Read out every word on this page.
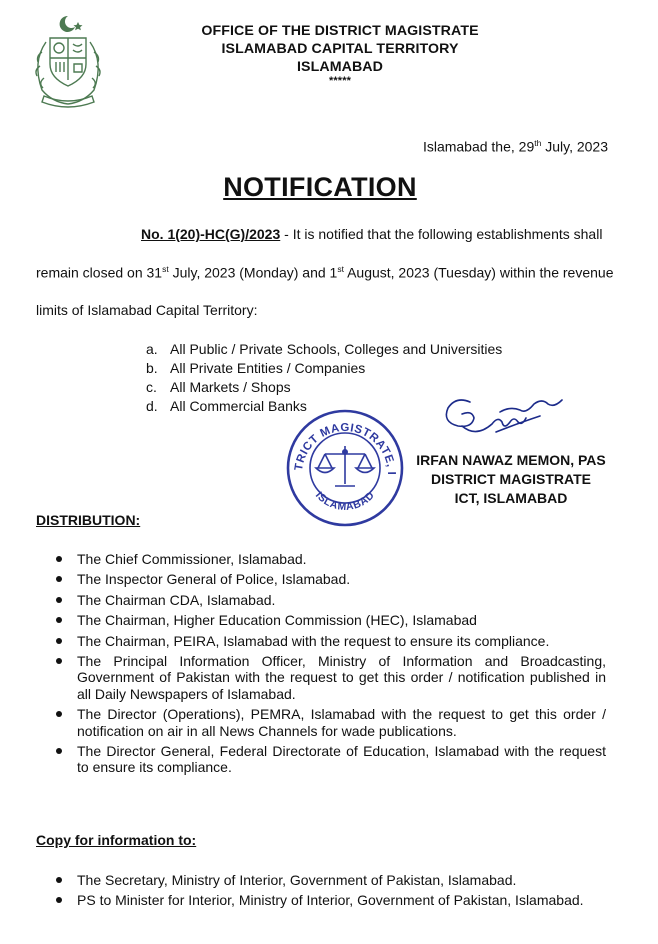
OFFICE OF THE DISTRICT MAGISTRATE
ISLAMABAD CAPITAL TERRITORY
ISLAMABAD
*****
Islamabad the, 29th July, 2023
NOTIFICATION
No. 1(20)-HC(G)/2023 - It is notified that the following establishments shall
remain closed on 31st July, 2023 (Monday) and 1st August, 2023 (Tuesday) within the revenue
limits of Islamabad Capital Territory:
a. All Public / Private Schools, Colleges and Universities
b. All Private Entities / Companies
c. All Markets / Shops
d. All Commercial Banks
TRICT MAGISTRATE, I
ISLAMABAD
IRFAN NAWAZ MEMON, PAS
DISTRICT MAGISTRATE
ICT, ISLAMABAD
DISTRIBUTION:
The Chief Commissioner, Islamabad.
The Inspector General of Police, Islamabad.
The Chairman CDA, Islamabad.
The Chairman, Higher Education Commission (HEC), Islamabad
The Chairman, PEIRA, Islamabad with the request to ensure its compliance.
The Principal Information Officer, Ministry of Information and Broadcasting, Government of Pakistan with the request to get this order / notification published in all Daily Newspapers of Islamabad.
The Director (Operations), PEMRA, Islamabad with the request to get this order / notification on air in all News Channels for wade publications.
The Director General, Federal Directorate of Education, Islamabad with the request to ensure its compliance.
Copy for information to:
The Secretary, Ministry of Interior, Government of Pakistan, Islamabad.
PS to Minister for Interior, Ministry of Interior, Government of Pakistan, Islamabad.
